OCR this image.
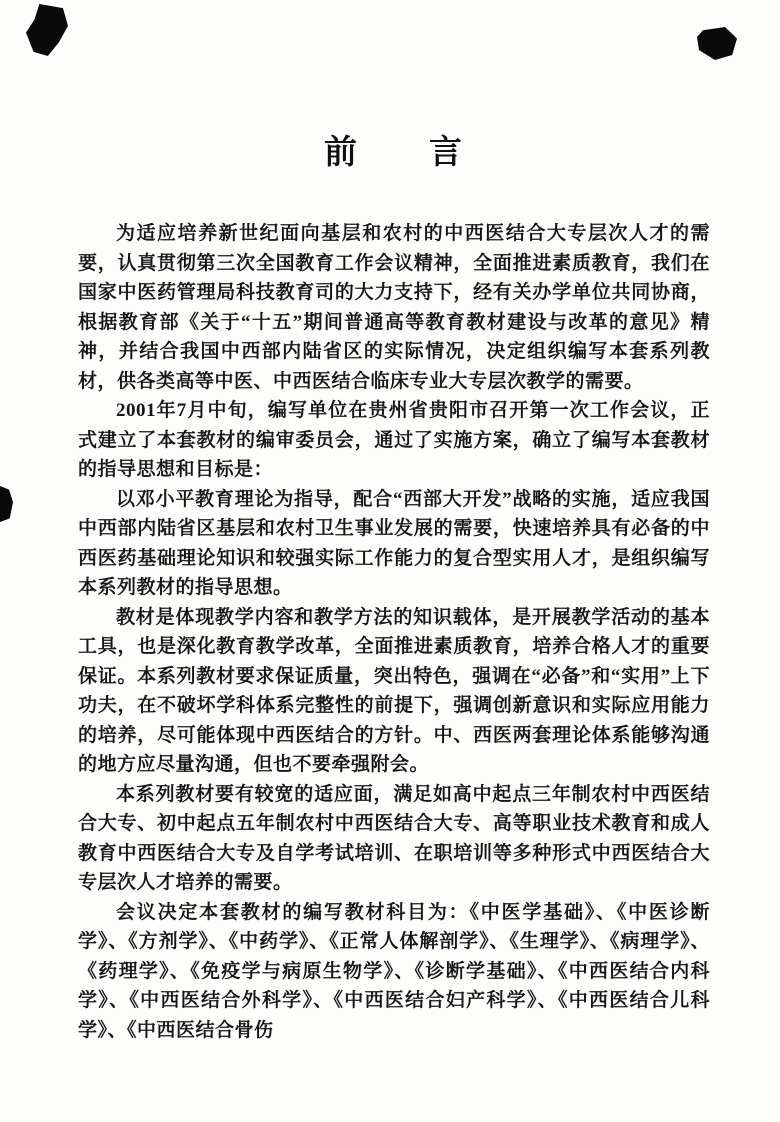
前　　言

为适应培养新世纪面向基层和农村的中西医结合大专层次人才的需要，认真贯彻第三次全国教育工作会议精神，全面推进素质教育，我们在国家中医药管理局科技教育司的大力支持下，经有关办学单位共同协商，根据教育部《关于“十五”期间普通高等教育教材建设与改革的意见》精神，并结合我国中西部内陆省区的实际情况，决定组织编写本套系列教材，供各类高等中医、中西医结合临床专业大专层次教学的需要。

2001年7月中旬，编写单位在贵州省贵阳市召开第一次工作会议，正式建立了本套教材的编审委员会，通过了实施方案，确立了编写本套教材的指导思想和目标是：

以邓小平教育理论为指导，配合“西部大开发”战略的实施，适应我国中西部内陆省区基层和农村卫生事业发展的需要，快速培养具有必备的中西医药基础理论知识和较强实际工作能力的复合型实用人才，是组织编写本系列教材的指导思想。

教材是体现教学内容和教学方法的知识载体，是开展教学活动的基本工具，也是深化教育教学改革，全面推进素质教育，培养合格人才的重要保证。本系列教材要求保证质量，突出特色，强调在“必备”和“实用”上下功夫，在不破坏学科体系完整性的前提下，强调创新意识和实际应用能力的培养，尽可能体现中西医结合的方针。中、西医两套理论体系能够沟通的地方应尽量沟通，但也不要牵强附会。

本系列教材要有较宽的适应面，满足如高中起点三年制农村中西医结合大专、初中起点五年制农村中西医结合大专、高等职业技术教育和成人教育中西医结合大专及自学考试培训、在职培训等多种形式中西医结合大专层次人才培养的需要。

会议决定本套教材的编写教材科目为：《中医学基础》、《中医诊断学》、《方剂学》、《中药学》、《正常人体解剖学》、《生理学》、《病理学》、《药理学》、《免疫学与病原生物学》、《诊断学基础》、《中西医结合内科学》、《中西医结合外科学》、《中西医结合妇产科学》、《中西医结合儿科学》、《中西医结合骨伤
